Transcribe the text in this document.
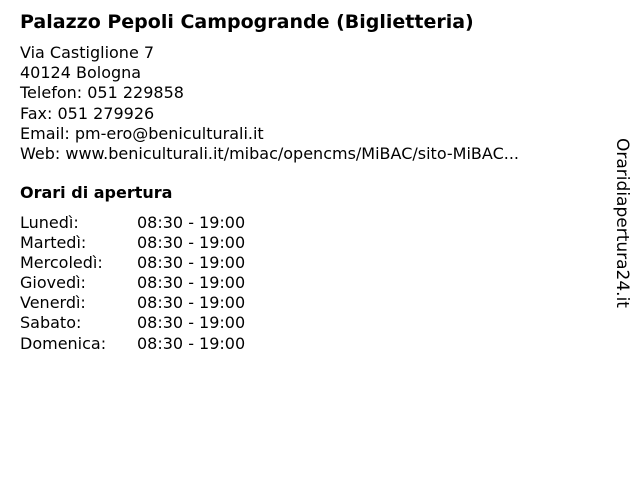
Palazzo Pepoli Campogrande (Biglietteria)
Via Castiglione 7
40124 Bologna
Telefon: 051 229858
Fax: 051 279926
Email: pm-ero@beniculturali.it
Web: www.beniculturali.it/mibac/opencms/MiBAC/sito-MiBAC...
Orari di apertura
Lunedì:	08:30 - 19:00
Martedì:	08:30 - 19:00
Mercoledì: 08:30 - 19:00
Giovedì:	08:30 - 19:00
Venerdì:	08:30 - 19:00
Sabato:	08:30 - 19:00
Domenica: 08:30 - 19:00
Oraridiapertura24.it
